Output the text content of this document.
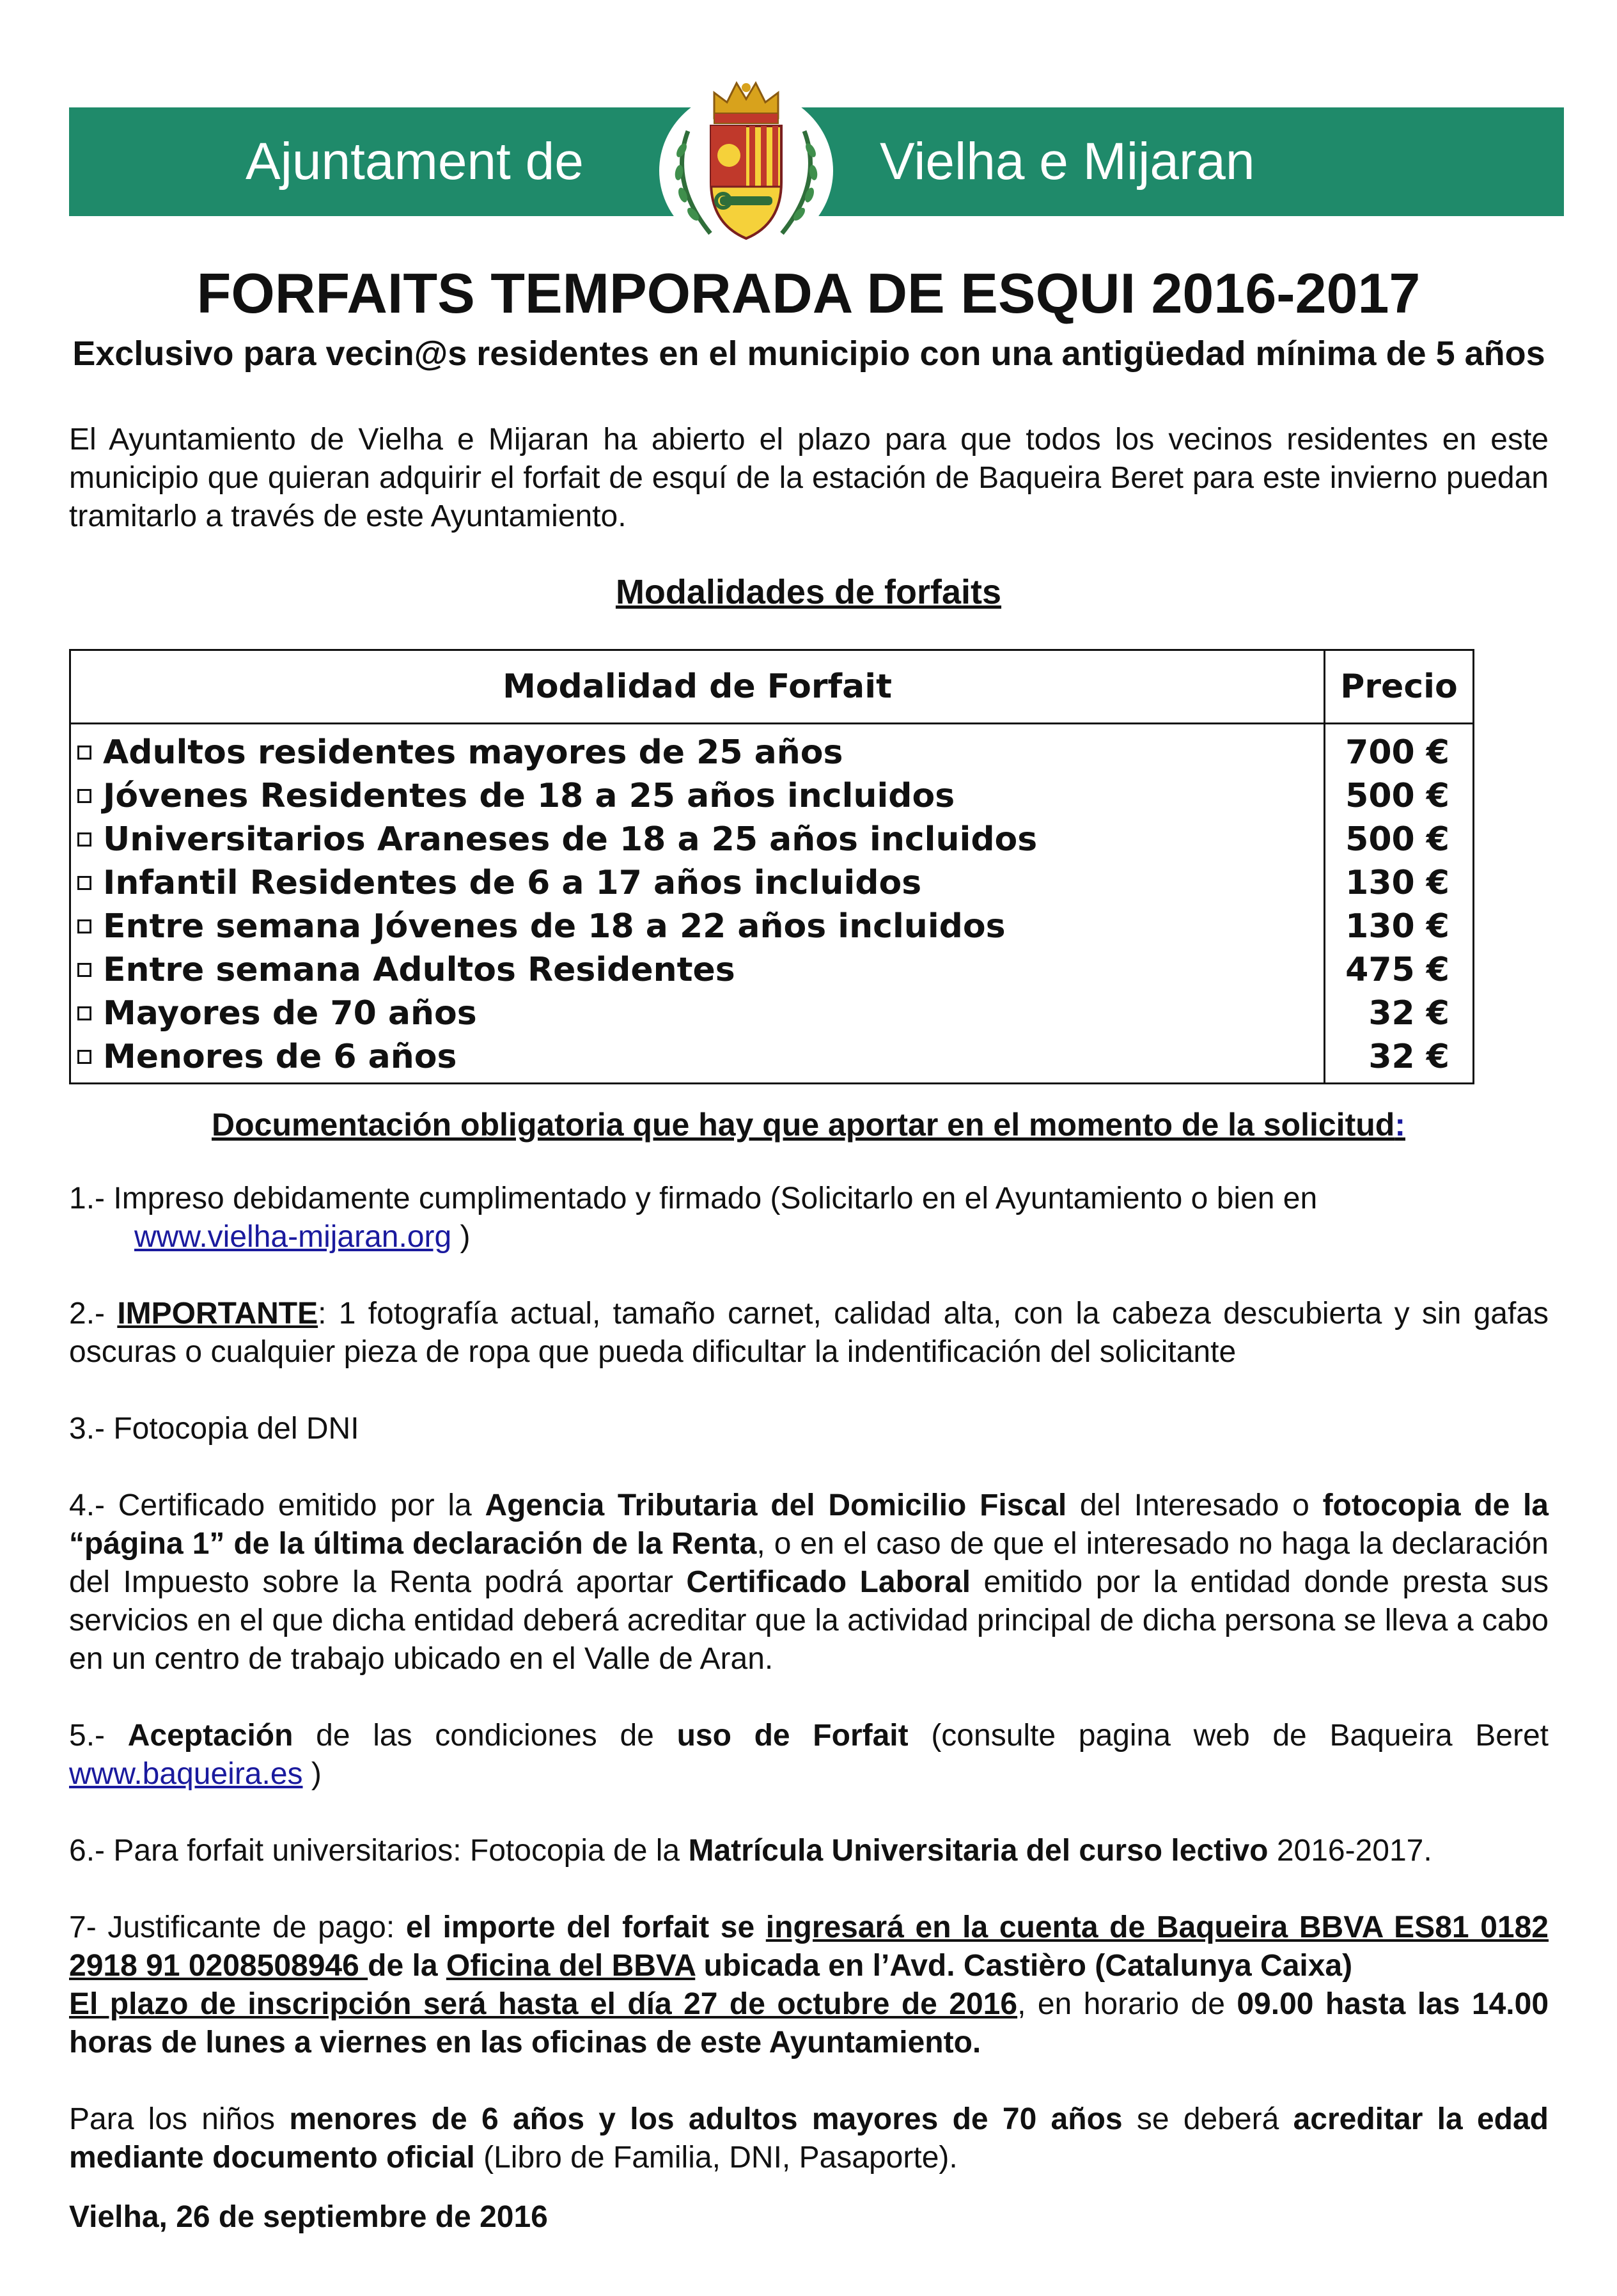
Ajuntament de	Vielha e Mijaran
FORFAITS TEMPORADA DE ESQUI 2016-2017
Exclusivo para vecin@s residentes en el municipio con una antigüedad mínima de 5 años
El Ayuntamiento de Vielha e Mijaran ha abierto el plazo para que todos los vecinos residentes en este municipio que quieran adquirir el forfait de esquí de la estación de Baqueira Beret para este invierno puedan tramitarlo a través de este Ayuntamiento.
Modalidades de forfaits
Modalidad de Forfait	Precio
Adultos residentes mayores de 25 años	700 €
Jóvenes Residentes de 18 a 25 años incluidos	500 €
Universitarios Araneses de 18 a 25 años incluidos	500 €
Infantil Residentes de 6 a 17 años incluidos	130 €
Entre semana Jóvenes de 18 a 22 años incluidos	130 €
Entre semana Adultos Residentes	475 €
Mayores de 70 años	32 €
Menores de 6 años	32 €
Documentación obligatoria que hay que aportar en el momento de la solicitud:
1.- Impreso debidamente cumplimentado y firmado (Solicitarlo en el Ayuntamiento o bien en
www.vielha-mijaran.org )
2.- IMPORTANTE: 1 fotografía actual, tamaño carnet, calidad alta, con la cabeza descubierta y sin gafas oscuras o cualquier pieza de ropa que pueda dificultar la indentificación del solicitante
3.- Fotocopia del DNI
4.- Certificado emitido por la Agencia Tributaria del Domicilio Fiscal del Interesado o fotocopia de la “página 1” de la última declaración de la Renta, o en el caso de que el interesado no haga la declaración del Impuesto sobre la Renta podrá aportar Certificado Laboral emitido por la entidad donde presta sus servicios en el que dicha entidad deberá acreditar que la actividad principal de dicha persona se lleva a cabo en un centro de trabajo ubicado en el Valle de Aran.
5.- Aceptación de las condiciones de uso de Forfait (consulte pagina web de Baqueira Beret www.baqueira.es )
6.- Para forfait universitarios: Fotocopia de la Matrícula Universitaria del curso lectivo 2016-2017.
7- Justificante de pago: el importe del forfait se ingresará en la cuenta de Baqueira BBVA ES81 0182 2918 91 0208508946 de la Oficina del BBVA ubicada en l’Avd. Castièro (Catalunya Caixa)
El plazo de inscripción será hasta el día 27 de octubre de 2016, en horario de 09.00 hasta las 14.00 horas de lunes a viernes en las oficinas de este Ayuntamiento.
Para los niños menores de 6 años y los adultos mayores de 70 años se deberá acreditar la edad mediante documento oficial (Libro de Familia, DNI, Pasaporte).
Vielha, 26 de septiembre de 2016
